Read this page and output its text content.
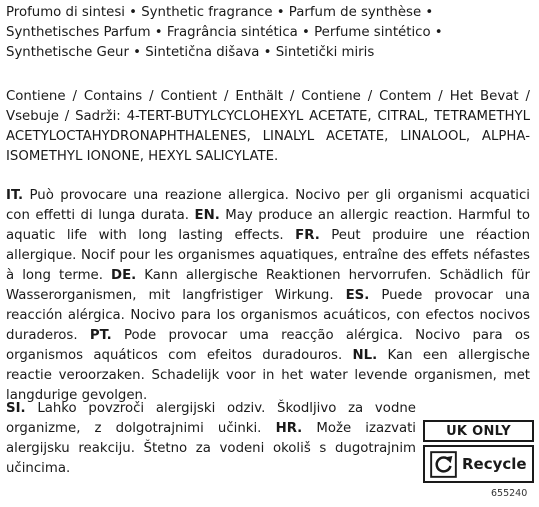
Profumo di sintesi • Synthetic fragrance • Parfum de synthèse • Synthetisches Parfum • Fragrância sintética • Perfume sintético • Synthetische Geur • Sintetična dišava • Sintetički miris

Contiene / Contains / Contient / Enthält / Contiene / Contem / Het Bevat / Vsebuje / Sadrži: 4-TERT-BUTYLCYCLOHEXYL ACETATE, CITRAL, TETRAMETHYL ACETYLOCTAHYDRONAPHTHALENES, LINALYL ACETATE, LINALOOL, ALPHA-ISOMETHYL IONONE, HEXYL SALICYLATE.

IT. Può provocare una reazione allergica. Nocivo per gli organismi acquatici con effetti di lunga durata. EN. May produce an allergic reaction. Harmful to aquatic life with long lasting effects. FR. Peut produire une réaction allergique. Nocif pour les organismes aquatiques, entraîne des effets néfastes à long terme. DE. Kann allergische Reaktionen hervorrufen. Schädlich für Wasserorganismen, mit langfristiger Wirkung. ES. Puede provocar una reacción alérgica. Nocivo para los organismos acuáticos, con efectos nocivos duraderos. PT. Pode provocar uma reacção alérgica. Nocivo para os organismos aquáticos com efeitos duradouros. NL. Kan een allergische reactie veroorzaken. Schadelijk voor in het water levende organismen, met langdurige gevolgen.

SI. Lahko povzroči alergijski odziv. Škodljivo za vodne organizme, z dolgotrajnimi učinki. HR. Može izazvati alergijsku reakciju. Štetno za vodeni okoliš s dugotrajnim učincima.

UK ONLY
Recycle
655240
